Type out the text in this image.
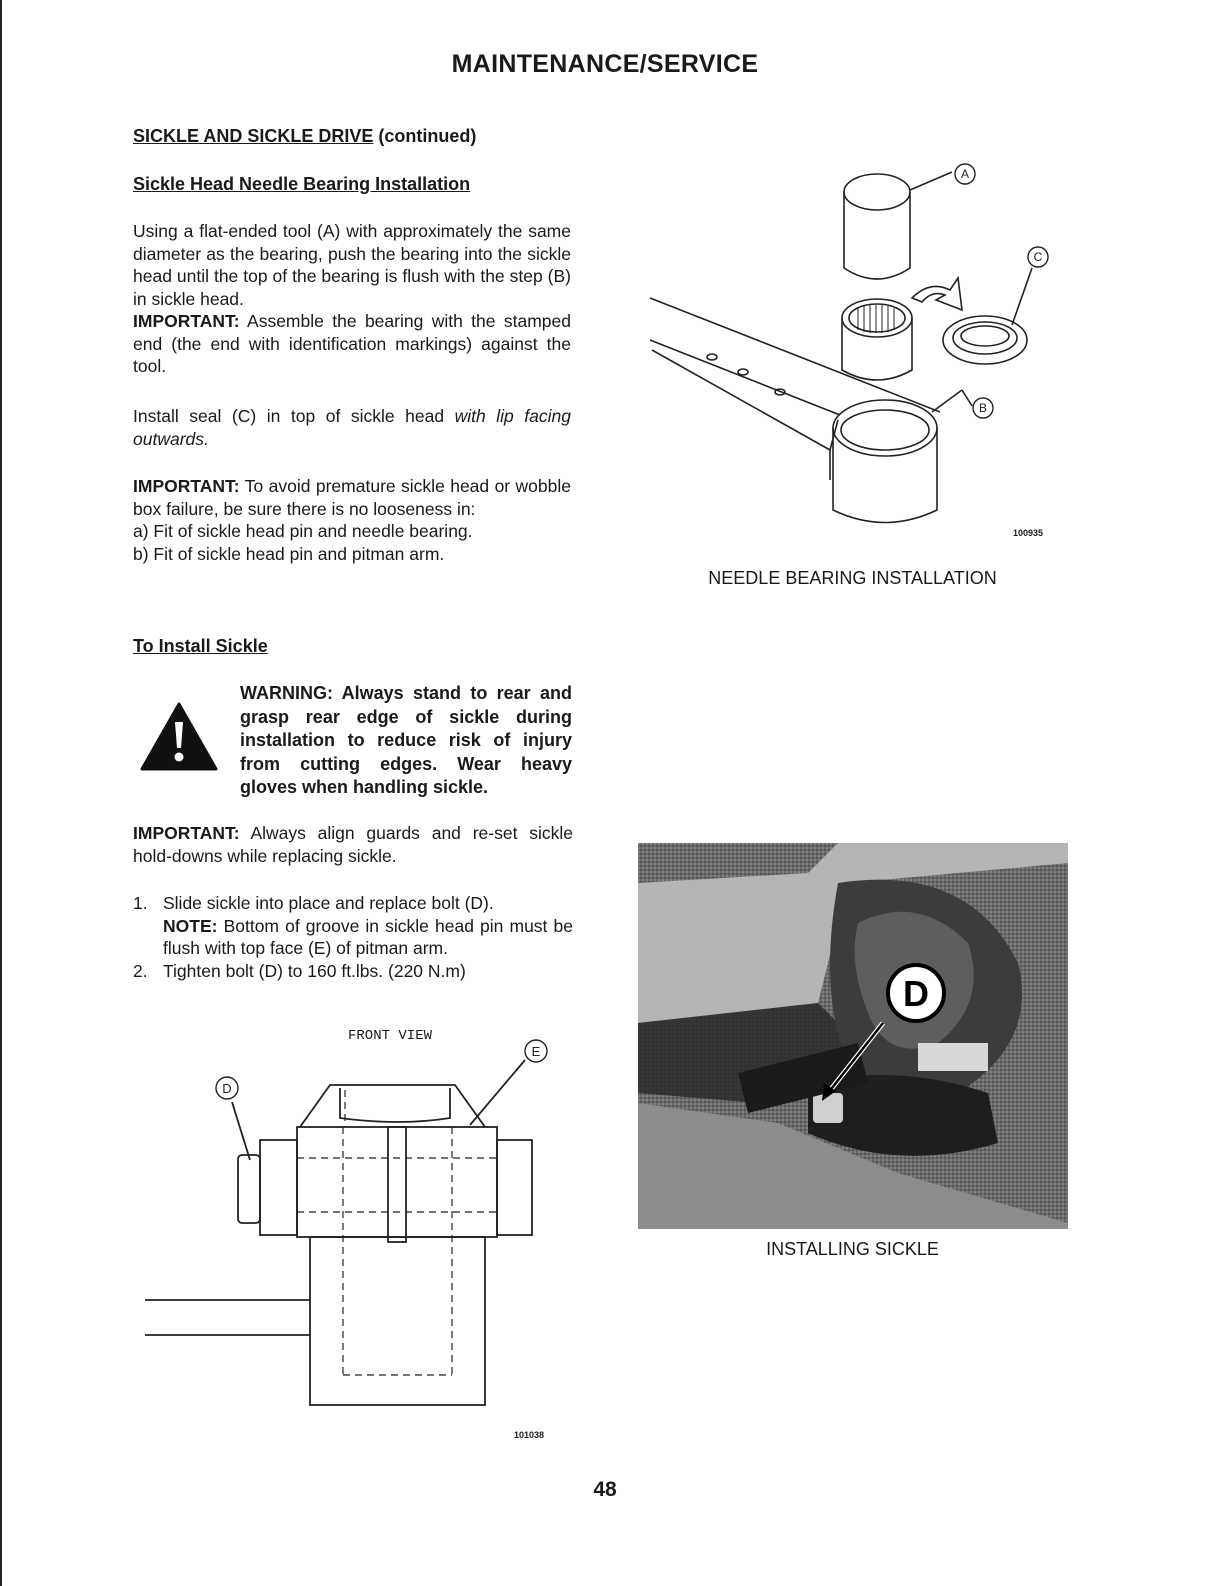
MAINTENANCE/SERVICE
SICKLE AND SICKLE DRIVE (continued)
Sickle Head Needle Bearing Installation
Using a flat-ended tool (A) with approximately the same diameter as the bearing, push the bearing into the sickle head until the top of the bearing is flush with the step (B) in sickle head.
IMPORTANT: Assemble the bearing with the stamped end (the end with identification markings) against the tool.
Install seal (C) in top of sickle head with lip facing outwards.
IMPORTANT: To avoid premature sickle head or wobble box failure, be sure there is no looseness in:
a) Fit of sickle head pin and needle bearing.
b) Fit of sickle head pin and pitman arm.
To Install Sickle
WARNING: Always stand to rear and grasp rear edge of sickle during installation to reduce risk of injury from cutting edges. Wear heavy gloves when handling sickle.
IMPORTANT: Always align guards and re-set sickle hold-downs while replacing sickle.
1. Slide sickle into place and replace bolt (D).
NOTE: Bottom of groove in sickle head pin must be flush with top face (E) of pitman arm.
2. Tighten bolt (D) to 160 ft.lbs. (220 N.m)
A
C
B
100935
NEEDLE BEARING INSTALLATION
D
INSTALLING SICKLE
FRONT VIEW
D
E
101038
48
